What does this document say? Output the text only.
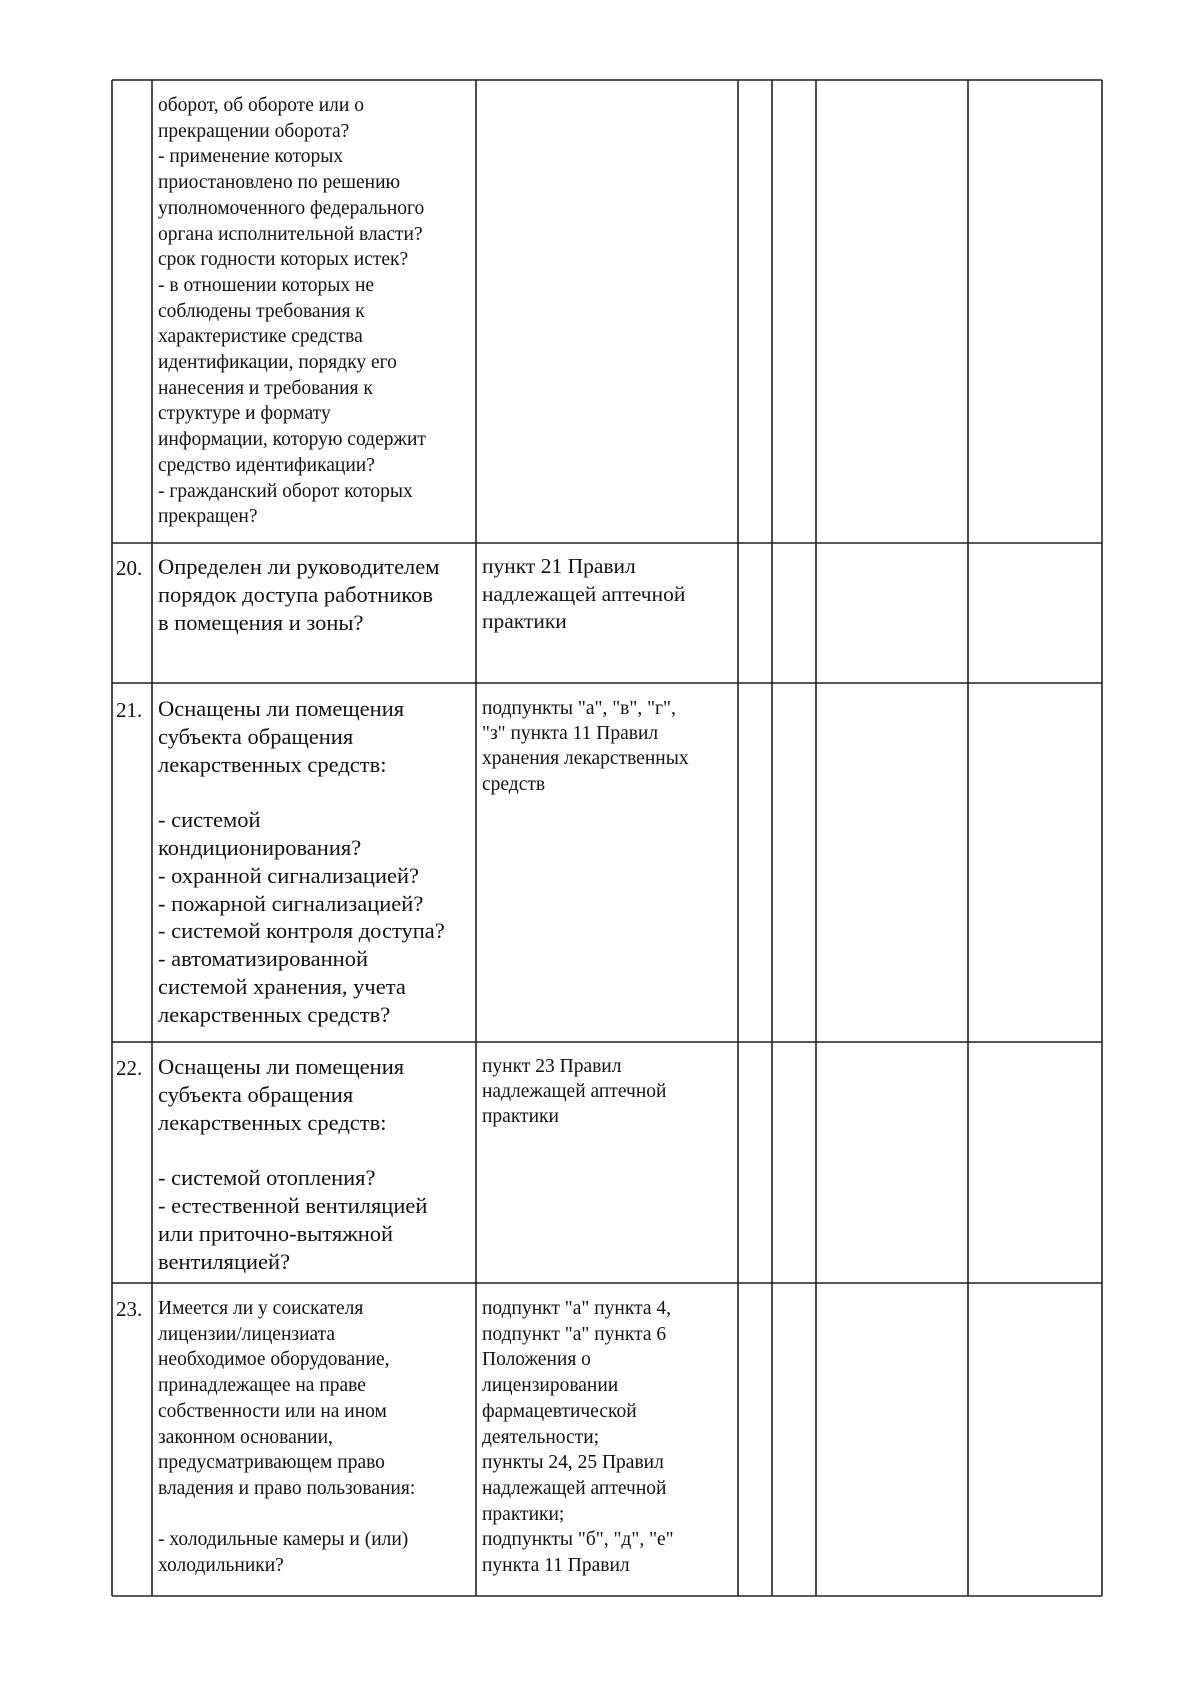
оборот, об обороте или о
прекращении оборота?
- применение которых
приостановлено по решению
уполномоченного федерального
органа исполнительной власти?
срок годности которых истек?
- в отношении которых не
соблюдены требования к
характеристике средства
идентификации, порядку его
нанесения и требования к
структуре и формату
информации, которую содержит
средство идентификации?
- гражданский оборот которых
прекращен?
20. Определен ли руководителем
порядок доступа работников
в помещения и зоны?
пункт 21 Правил
надлежащей аптечной
практики
21. Оснащены ли помещения
субъекта обращения
лекарственных средств:

- системой
кондиционирования?
- охранной сигнализацией?
- пожарной сигнализацией?
- системой контроля доступа?
- автоматизированной
системой хранения, учета
лекарственных средств?
подпункты "а", "в", "г",
"з" пункта 11 Правил
хранения лекарственных
средств
22. Оснащены ли помещения
субъекта обращения
лекарственных средств:

- системой отопления?
- естественной вентиляцией
или приточно-вытяжной
вентиляцией?
пункт 23 Правил
надлежащей аптечной
практики
23. Имеется ли у соискателя
лицензии/лицензиата
необходимое оборудование,
принадлежащее на праве
собственности или на ином
законном основании,
предусматривающем право
владения и право пользования:

- холодильные камеры и (или)
холодильники?
подпункт "а" пункта 4,
подпункт "а" пункта 6
Положения о
лицензировании
фармацевтической
деятельности;
пункты 24, 25 Правил
надлежащей аптечной
практики;
подпункты "б", "д", "е"
пункта 11 Правил
